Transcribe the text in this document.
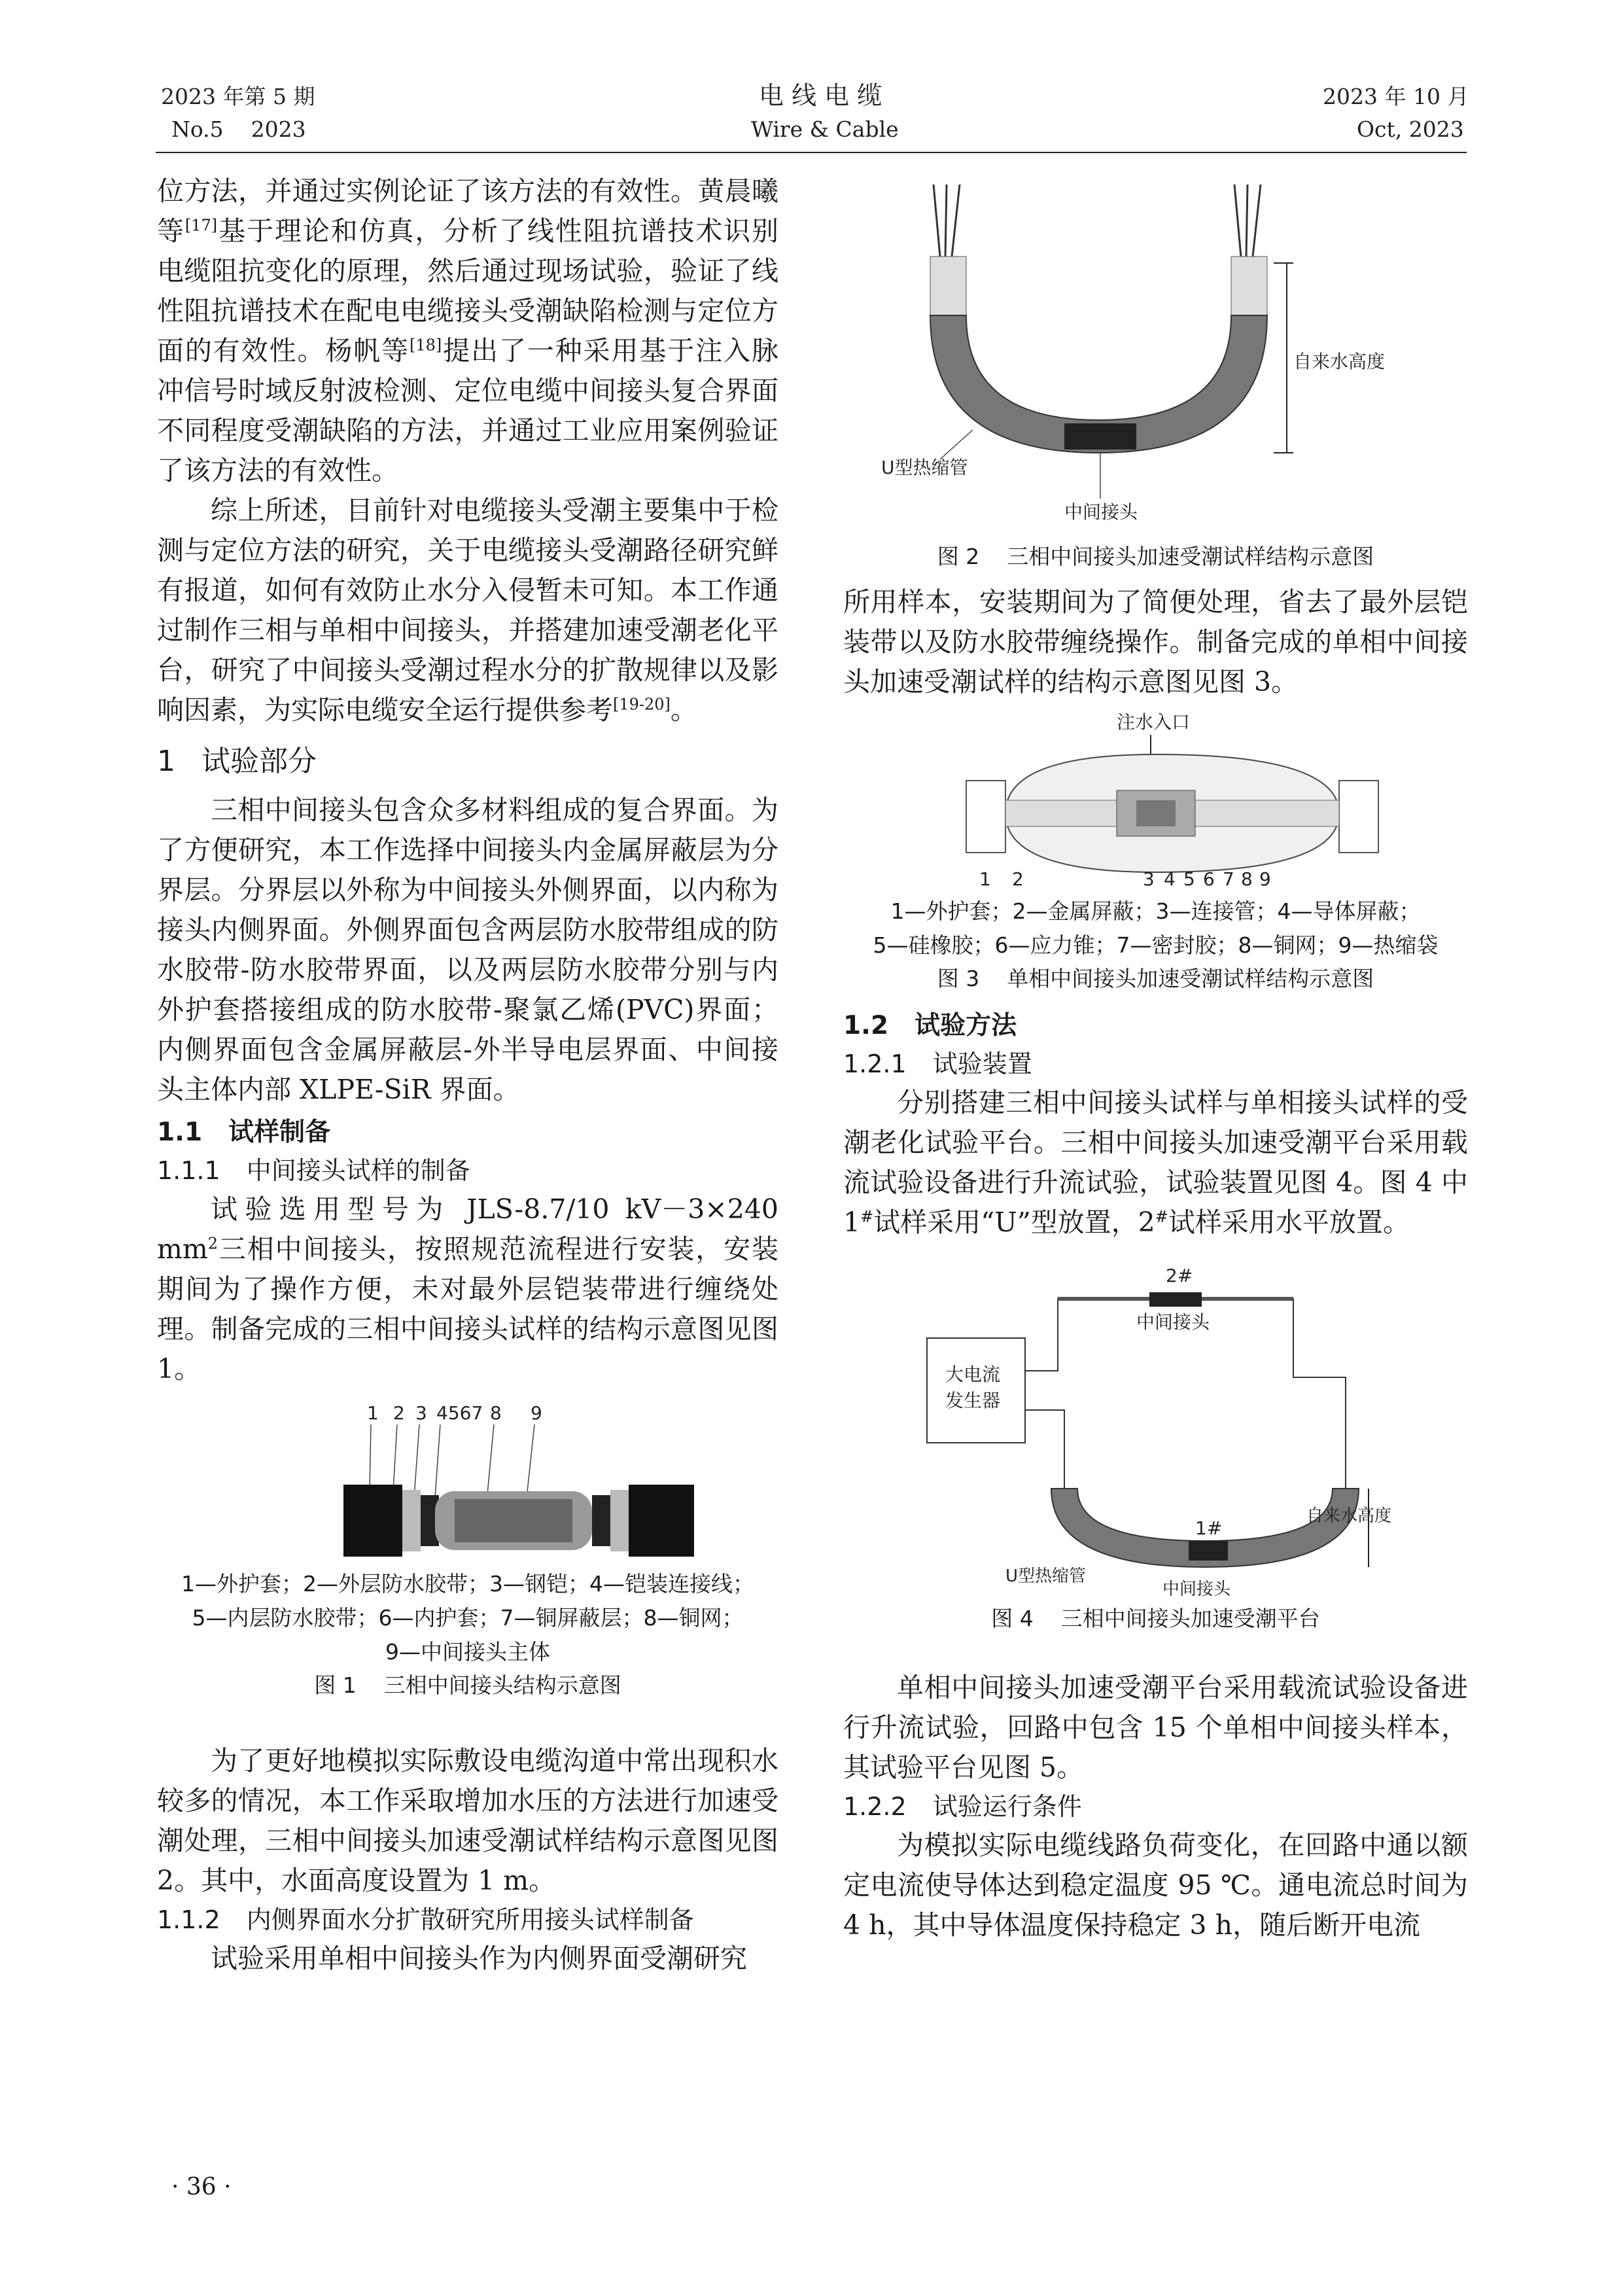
2023 年第 5 期
No.5    2023
电 线 电 缆
Wire & Cable
2023 年 10 月
Oct, 2023

位方法，并通过实例论证了该方法的有效性。黄晨曦等[17]基于理论和仿真，分析了线性阻抗谱技术识别电缆阻抗变化的原理，然后通过现场试验，验证了线性阻抗谱技术在配电电缆接头受潮缺陷检测与定位方面的有效性。杨帆等[18]提出了一种采用基于注入脉冲信号时域反射波检测、定位电缆中间接头复合界面不同程度受潮缺陷的方法，并通过工业应用案例验证了该方法的有效性。

综上所述，目前针对电缆接头受潮主要集中于检测与定位方法的研究，关于电缆接头受潮路径研究鲜有报道，如何有效防止水分入侵暂未可知。本工作通过制作三相与单相中间接头，并搭建加速受潮老化平台，研究了中间接头受潮过程水分的扩散规律以及影响因素，为实际电缆安全运行提供参考[19-20]。

1 试验部分

三相中间接头包含众多材料组成的复合界面。为了方便研究，本工作选择中间接头内金属屏蔽层为分界层。分界层以外称为中间接头外侧界面，以内称为接头内侧界面。外侧界面包含两层防水胶带组成的防水胶带-防水胶带界面，以及两层防水胶带分别与内外护套搭接组成的防水胶带-聚氯乙烯(PVC)界面；内侧界面包含金属屏蔽层-外半导电层界面、中间接头主体内部 XLPE-SiR 界面。

1.1 试样制备
1.1.1 中间接头试样的制备

试验选用型号为 JLS-8.7/10 kV－3×240 $mm^2$三相中间接头，按照规范流程进行安装，安装期间为了操作方便，未对最外层铠装带进行缠绕处理。制备完成的三相中间接头试样的结构示意图见图 1。

1 2 3 4567 8 9
1—外护套；2—外层防水胶带；3—钢铠；4—铠装连接线；
5—内层防水胶带；6—内护套；7—铜屏蔽层；8—铜网；
9—中间接头主体
图 1    三相中间接头结构示意图

为了更好地模拟实际敷设电缆沟道中常出现积水较多的情况，本工作采取增加水压的方法进行加速受潮处理，三相中间接头加速受潮试样结构示意图见图 2。其中，水面高度设置为 1 m。

1.1.2 内侧界面水分扩散研究所用接头试样制备

试验采用单相中间接头作为内侧界面受潮研究

自来水高度
U型热缩管
中间接头
图 2    三相中间接头加速受潮试样结构示意图

所用样本，安装期间为了简便处理，省去了最外层铠装带以及防水胶带缠绕操作。制备完成的单相中间接头加速受潮试样的结构示意图见图 3。

注水入口
1 2	3 4 5 6 7 8 9
1—外护套；2—金属屏蔽；3—连接管；4—导体屏蔽；
5—硅橡胶；6—应力锥；7—密封胶；8—铜网；9—热缩袋
图 3    单相中间接头加速受潮试样结构示意图
1.2 试验方法
1.2.1 试验装置

分别搭建三相中间接头试样与单相接头试样的受潮老化试验平台。三相中间接头加速受潮平台采用载流试验设备进行升流试验，试验装置见图 4。图 4 中 1#试样采用“U”型放置，2#试样采用水平放置。

大电流
发生器
2#
中间接头
1#
自来水高度
U型热缩管
中间接头
图 4    三相中间接头加速受潮平台

单相中间接头加速受潮平台采用载流试验设备进行升流试验，回路中包含 15 个单相中间接头样本，其试验平台见图 5。

1.2.2 试验运行条件

为模拟实际电缆线路负荷变化，在回路中通以额定电流使导体达到稳定温度 95 ℃。通电流总时间为 4 h，其中导体温度保持稳定 3 h，随后断开电流

· 36 ·
